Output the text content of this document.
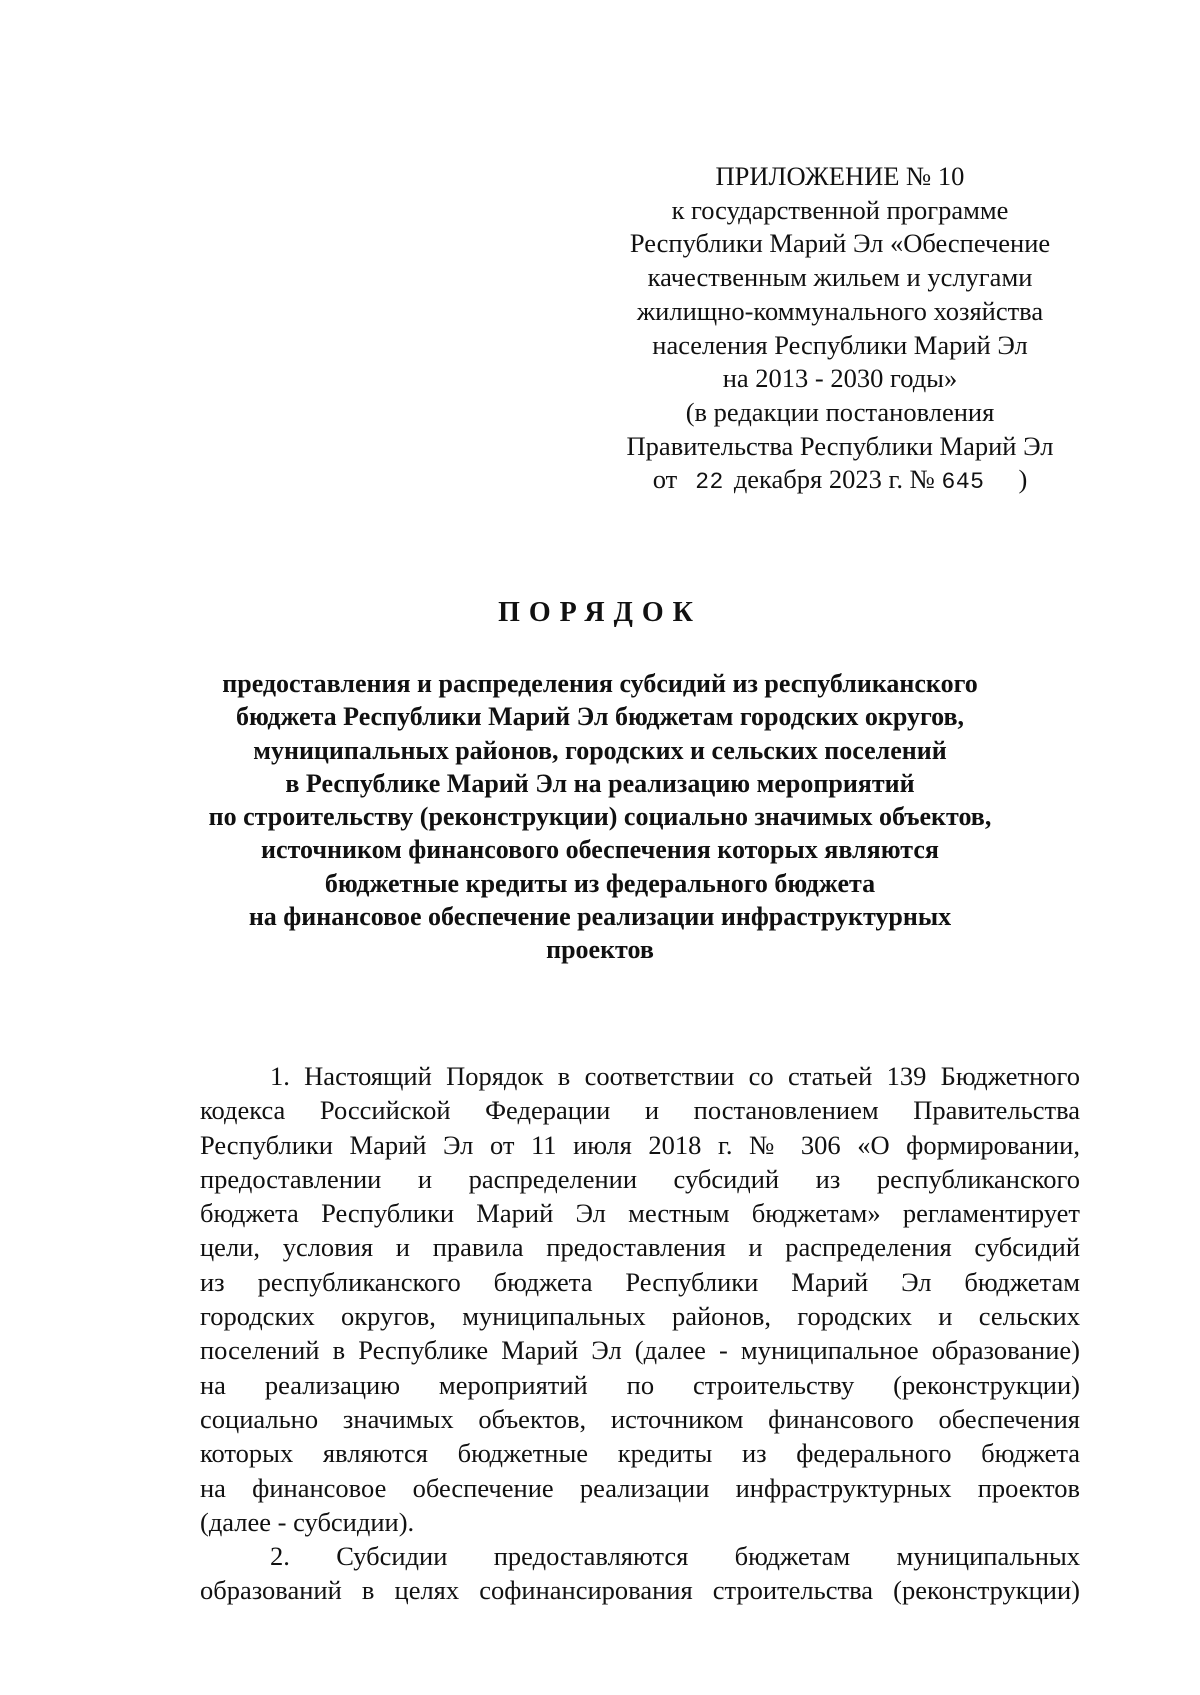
ПРИЛОЖЕНИЕ № 10
к государственной программе
Республики Марий Эл «Обеспечение
качественным жильем и услугами
жилищно-коммунального хозяйства
населения Республики Марий Эл
на 2013 - 2030 годы»
(в редакции постановления
Правительства Республики Марий Эл
от 22 декабря 2023 г. № 645 )
ПОРЯДОК
предоставления и распределения субсидий из республиканского
бюджета Республики Марий Эл бюджетам городских округов,
муниципальных районов, городских и сельских поселений
в Республике Марий Эл на реализацию мероприятий
по строительству (реконструкции) социально значимых объектов,
источником финансового обеспечения которых являются
бюджетные кредиты из федерального бюджета
на финансовое обеспечение реализации инфраструктурных
проектов
1. Настоящий Порядок в соответствии со статьей 139 Бюджетного
кодекса Российской Федерации и постановлением Правительства
Республики Марий Эл от 11 июля 2018 г. № 306 «О формировании,
предоставлении и распределении субсидий из республиканского
бюджета Республики Марий Эл местным бюджетам» регламентирует
цели, условия и правила предоставления и распределения субсидий
из республиканского бюджета Республики Марий Эл бюджетам
городских округов, муниципальных районов, городских и сельских
поселений в Республике Марий Эл (далее - муниципальное образование)
на реализацию мероприятий по строительству (реконструкции)
социально значимых объектов, источником финансового обеспечения
которых являются бюджетные кредиты из федерального бюджета
на финансовое обеспечение реализации инфраструктурных проектов
(далее - субсидии).
2. Субсидии предоставляются бюджетам муниципальных
образований в целях софинансирования строительства (реконструкции)
